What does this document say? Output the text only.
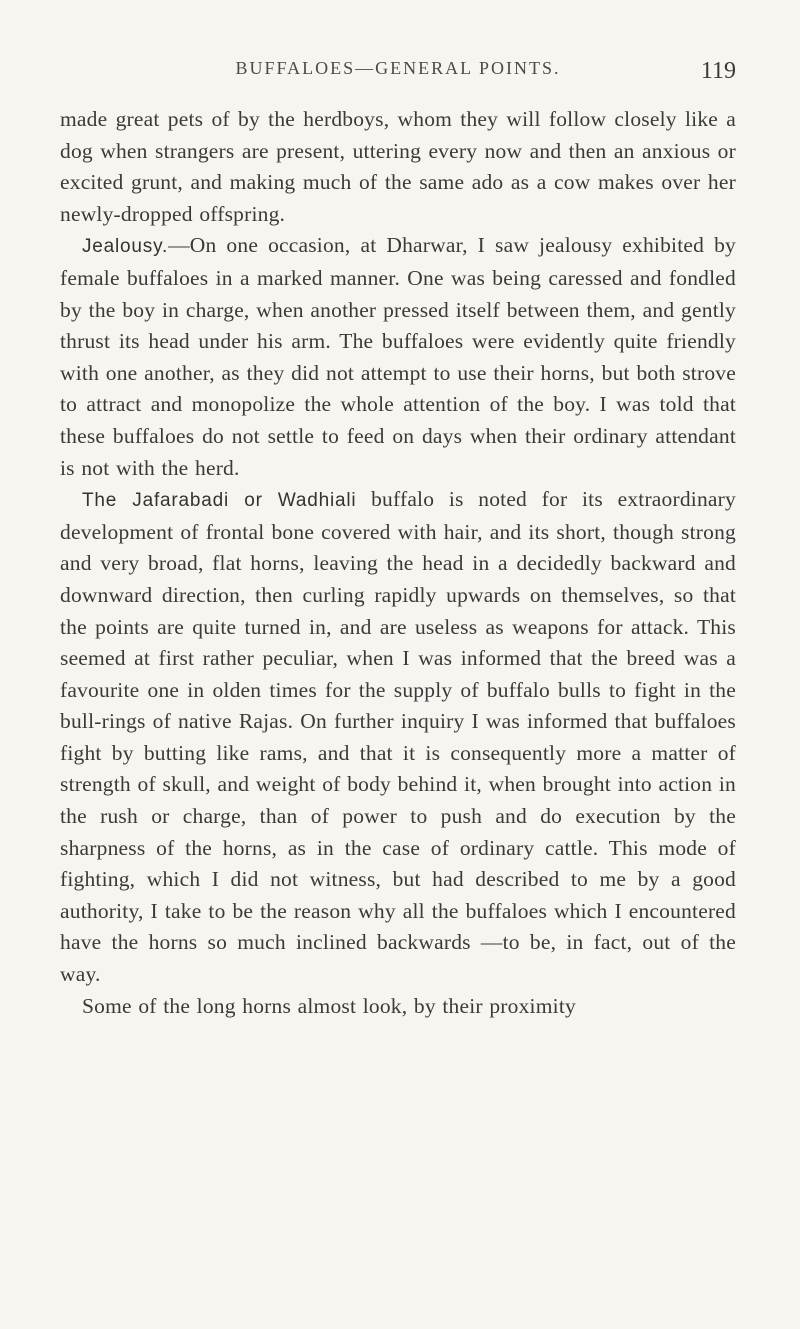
BUFFALOES—GENERAL POINTS.	119

made great pets of by the herdboys, whom they will follow closely like a dog when strangers are present, uttering every now and then an anxious or excited grunt, and making much of the same ado as a cow makes over her newly-dropped offspring.

Jealousy.—On one occasion, at Dharwar, I saw jealousy exhibited by female buffaloes in a marked manner. One was being caressed and fondled by the boy in charge, when another pressed itself between them, and gently thrust its head under his arm. The buffaloes were evidently quite friendly with one another, as they did not attempt to use their horns, but both strove to attract and monopolize the whole attention of the boy. I was told that these buffaloes do not settle to feed on days when their ordinary attendant is not with the herd.

The Jafarabadi or Wadhiali buffalo is noted for its extraordinary development of frontal bone covered with hair, and its short, though strong and very broad, flat horns, leaving the head in a decidedly backward and downward direction, then curling rapidly upwards on themselves, so that the points are quite turned in, and are useless as weapons for attack. This seemed at first rather peculiar, when I was informed that the breed was a favourite one in olden times for the supply of buffalo bulls to fight in the bull-rings of native Rajas. On further inquiry I was informed that buffaloes fight by butting like rams, and that it is consequently more a matter of strength of skull, and weight of body behind it, when brought into action in the rush or charge, than of power to push and do execution by the sharpness of the horns, as in the case of ordinary cattle. This mode of fighting, which I did not witness, but had described to me by a good authority, I take to be the reason why all the buffaloes which I encountered have the horns so much inclined backwards —to be, in fact, out of the way.

Some of the long horns almost look, by their proximity
